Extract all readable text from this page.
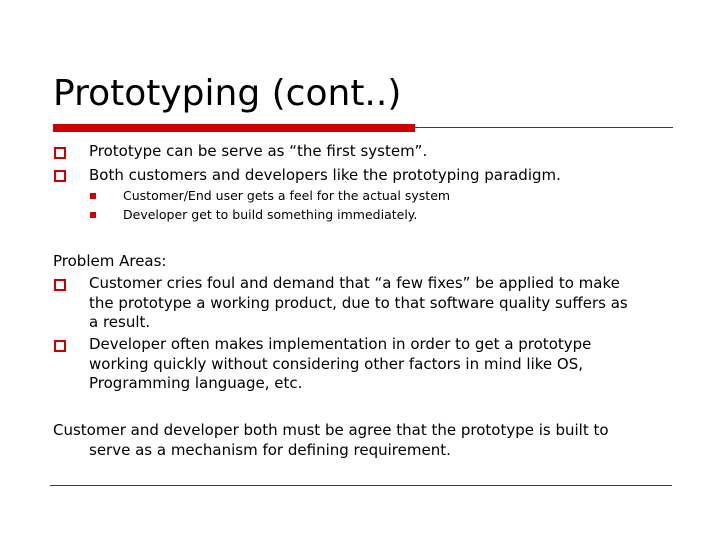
Prototyping (cont..)
Prototype can be serve as “the first system”.
Both customers and developers like the prototyping paradigm.
Customer/End user gets a feel for the actual system
Developer get to build something immediately.
Problem Areas:
Customer cries foul and demand that “a few fixes” be applied to make
the prototype a working product, due to that software quality suffers as
a result.
Developer often makes implementation in order to get a prototype
working quickly without considering other factors in mind like OS,
Programming language, etc.
Customer and developer both must be agree that the prototype is built to
serve as a mechanism for defining requirement.
